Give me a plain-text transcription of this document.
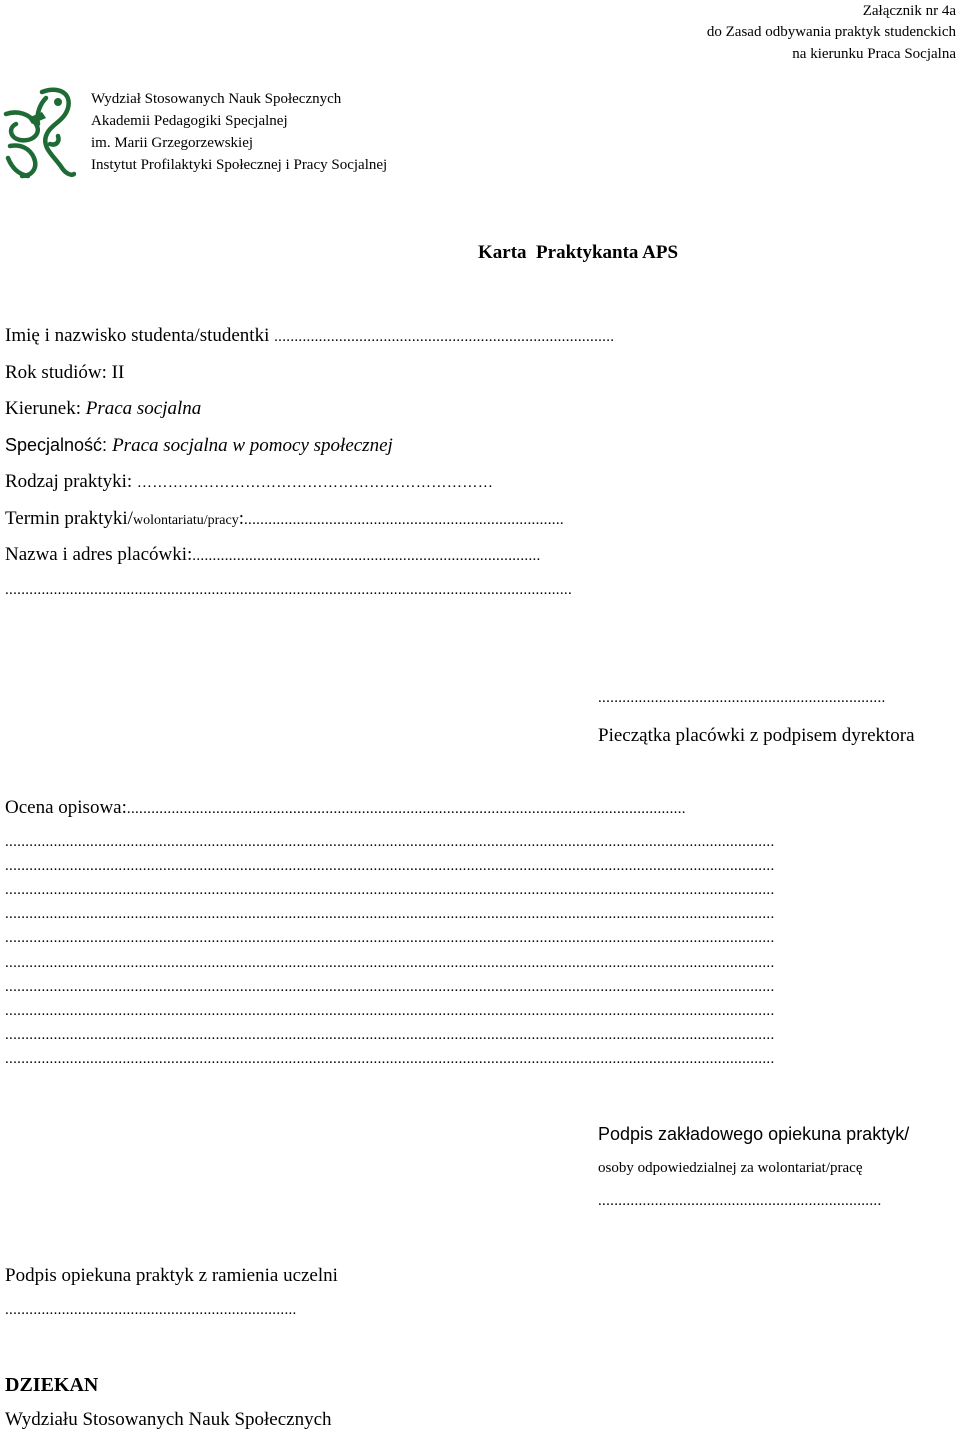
Załącznik nr 4a
do Zasad odbywania praktyk studenckich
na kierunku Praca Socjalna
Wydział Stosowanych Nauk Społecznych
Akademii Pedagogiki Specjalnej
im. Marii Grzegorzewskiej
Instytut Profilaktyki Społecznej i Pracy Socjalnej
Karta  Praktykanta APS
Imię i nazwisko studenta/studentki ....................................................................................
Rok studiów: II
Kierunek: Praca socjalna
Specjalność: Praca socjalna w pomocy społecznej
Rodzaj praktyki: ……………………………………………………………
Termin praktyki/wolontariatu/pracy:...............................................................................
Nazwa i adres placówki:......................................................................................
............................................................................................................................................
.......................................................................
Pieczątka placówki z podpisem dyrektora
Ocena opisowa:..........................................................................................................................................
..............................................................................................................................................................................................
..............................................................................................................................................................................................
..............................................................................................................................................................................................
..............................................................................................................................................................................................
..............................................................................................................................................................................................
..............................................................................................................................................................................................
..............................................................................................................................................................................................
..............................................................................................................................................................................................
..............................................................................................................................................................................................
..............................................................................................................................................................................................
Podpis zakładowego opiekuna praktyk/
osoby odpowiedzialnej za wolontariat/pracę
......................................................................
Podpis opiekuna praktyk z ramienia uczelni
........................................................................
DZIEKAN
Wydziału Stosowanych Nauk Społecznych
